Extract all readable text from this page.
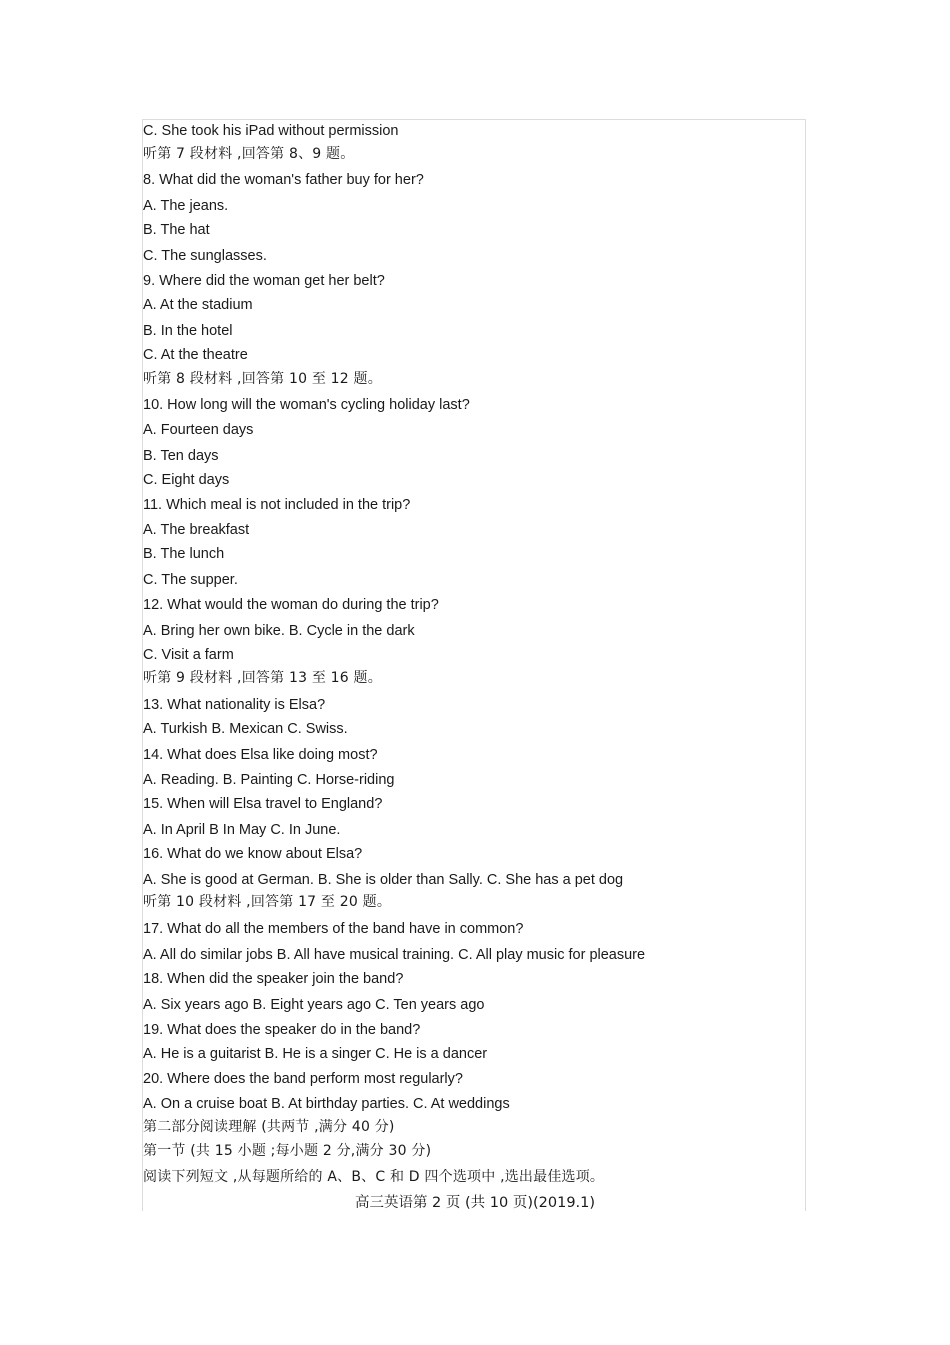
C. She took his iPad without permission
听第 7 段材料 ,回答第 8、9 题。
8. What did the woman's father buy for her?
A. The jeans.
B. The hat
C. The sunglasses.
9. Where did the woman get her belt?
A. At the stadium
B. In the hotel
C. At the theatre
听第 8 段材料 ,回答第 10 至 12 题。
10. How long will the woman's cycling holiday last?
A. Fourteen days
B. Ten days
C. Eight days
11. Which meal is not included in the trip?
A. The breakfast
B. The lunch
C. The supper.
12. What would the woman do during the trip?
A. Bring her own bike. B. Cycle in the dark
C. Visit a farm
听第 9 段材料 ,回答第 13 至 16 题。
13. What nationality is Elsa?
A. Turkish B. Mexican C. Swiss.
14. What does Elsa like doing most?
A. Reading. B. Painting C. Horse-riding
15. When will Elsa travel to England?
A. In April B In May C. In June.
16. What do we know about Elsa?
A. She is good at German. B. She is older than Sally. C. She has a pet dog
听第 10 段材料 ,回答第 17 至 20 题。
17. What do all the members of the band have in common?
A. All do similar jobs B. All have musical training. C. All play music for pleasure
18. When did the speaker join the band?
A. Six years ago B. Eight years ago C. Ten years ago
19. What does the speaker do in the band?
A. He is a guitarist B. He is a singer C. He is a dancer
20. Where does the band perform most regularly?
A. On a cruise boat B. At birthday parties. C. At weddings
第二部分阅读理解 (共两节 ,满分 40 分)
第一节 (共 15 小题 ;每小题 2 分,满分 30 分)
阅读下列短文 ,从每题所给的 A、B、C 和 D 四个选项中 ,选出最佳选项。
高三英语第 2 页 (共 10 页)(2019.1)
